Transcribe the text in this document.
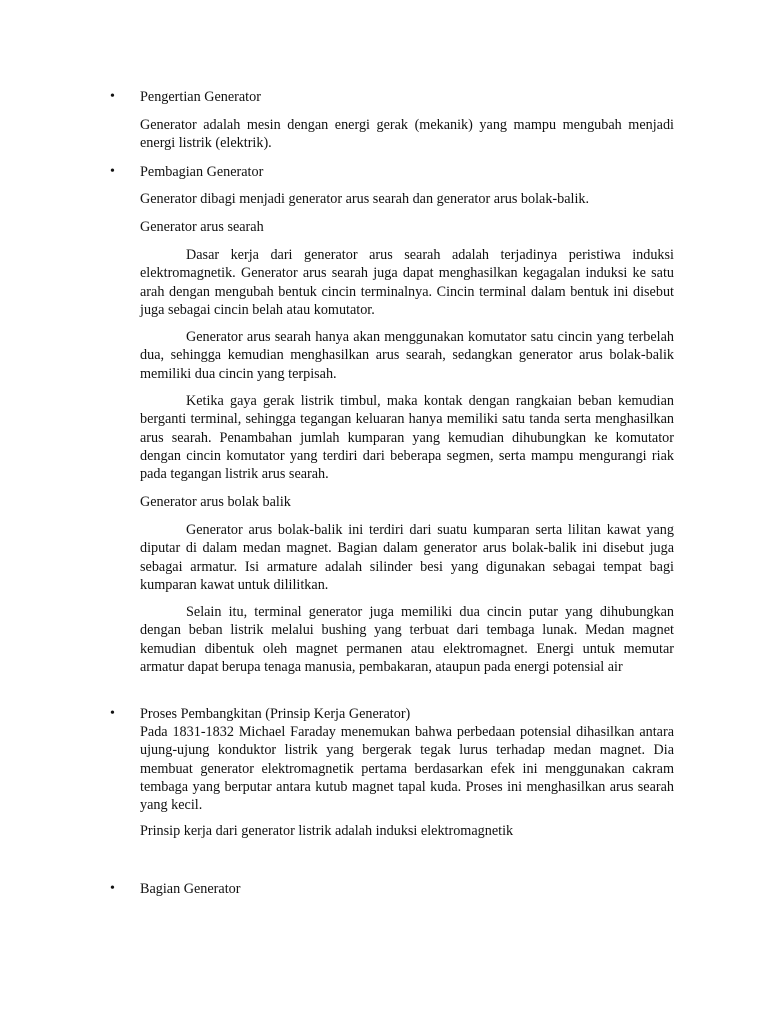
•	Pengertian Generator

Generator adalah mesin dengan energi gerak (mekanik) yang mampu mengubah menjadi energi listrik (elektrik).

•	Pembagian Generator

Generator dibagi menjadi generator arus searah dan generator arus bolak-balik.

Generator arus searah

Dasar kerja dari generator arus searah adalah terjadinya peristiwa induksi elektromagnetik. Generator arus searah juga dapat menghasilkan kegagalan induksi ke satu arah dengan mengubah bentuk cincin terminalnya. Cincin terminal dalam bentuk ini disebut juga sebagai cincin belah atau komutator.

Generator arus searah hanya akan menggunakan komutator satu cincin yang terbelah dua, sehingga kemudian menghasilkan arus searah, sedangkan generator arus bolak-balik memiliki dua cincin yang terpisah.

Ketika gaya gerak listrik timbul, maka kontak dengan rangkaian beban kemudian berganti terminal, sehingga tegangan keluaran hanya memiliki satu tanda serta menghasilkan arus searah. Penambahan jumlah kumparan yang kemudian dihubungkan ke komutator dengan cincin komutator yang terdiri dari beberapa segmen, serta mampu mengurangi riak pada tegangan listrik arus searah.

Generator arus bolak balik

Generator arus bolak-balik ini terdiri dari suatu kumparan serta lilitan kawat yang diputar di dalam medan magnet. Bagian dalam generator arus bolak-balik ini disebut juga sebagai armatur. Isi armature adalah silinder besi yang digunakan sebagai tempat bagi kumparan kawat untuk dililitkan.

Selain itu, terminal generator juga memiliki dua cincin putar yang dihubungkan dengan beban listrik melalui bushing yang terbuat dari tembaga lunak. Medan magnet kemudian dibentuk oleh magnet permanen atau elektromagnet. Energi untuk memutar armatur dapat berupa tenaga manusia, pembakaran, ataupun pada energi potensial air

•	Proses Pembangkitan (Prinsip Kerja Generator)

Pada 1831-1832 Michael Faraday menemukan bahwa perbedaan potensial dihasilkan antara ujung-ujung konduktor listrik yang bergerak tegak lurus terhadap medan magnet. Dia membuat generator elektromagnetik pertama berdasarkan efek ini menggunakan cakram tembaga yang berputar antara kutub magnet tapal kuda. Proses ini menghasilkan arus searah yang kecil.

Prinsip kerja dari generator listrik adalah induksi elektromagnetik

•	Bagian Generator
